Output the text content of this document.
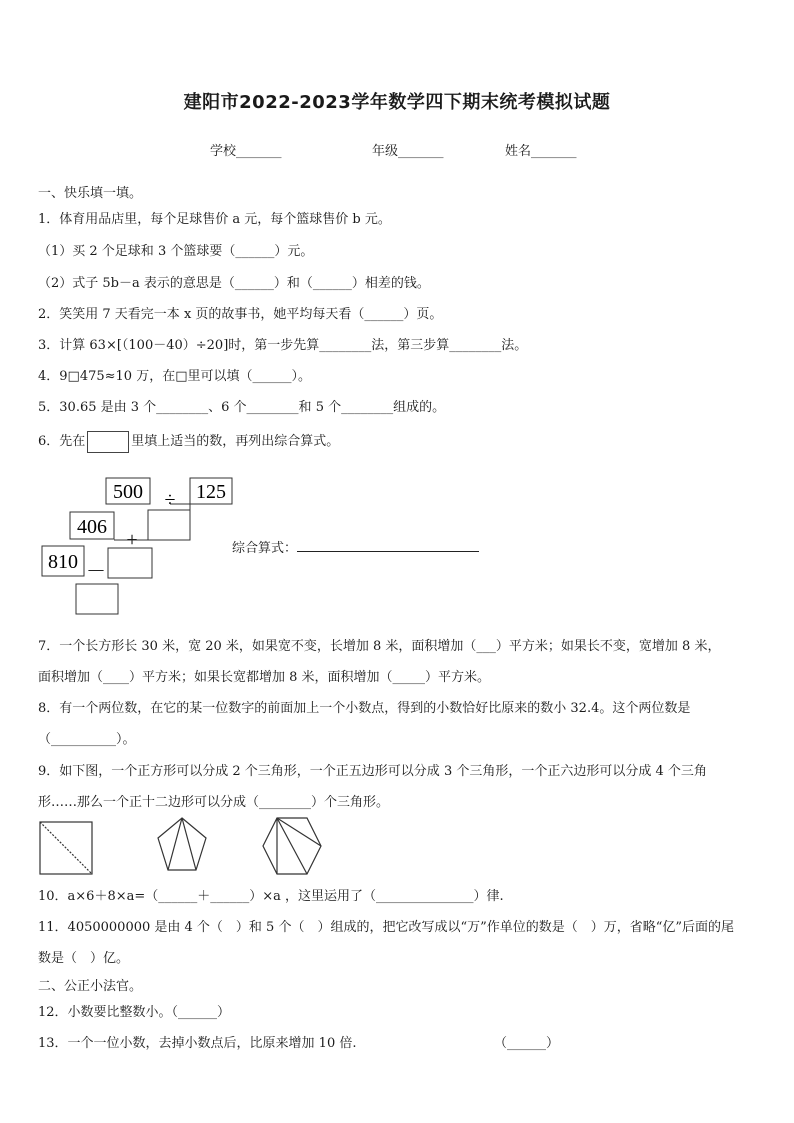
建阳市2022-2023学年数学四下期末统考模拟试题
学校_______	年级_______	姓名_______
一、快乐填一填。
1．体育用品店里，每个足球售价 a 元，每个篮球售价 b 元。
（1）买 2 个足球和 3 个篮球要（______）元。
（2）式子 5b－a 表示的意思是（______）和（______）相差的钱。
2．笑笑用 7 天看完一本 x 页的故事书，她平均每天看（______）页。
3．计算 63×[（100－40）÷20]时，第一步先算________法，第三步算________法。
4．9□475≈10 万，在□里可以填（______）。
5．30.65 是由 3 个________、6 个________和 5 个________组成的。
6．先在	里填上适当的数，再列出综合算式。
500 ÷ 125
406
+
810 －
综合算式：
7．一个长方形长 30 米，宽 20 米，如果宽不变，长增加 8 米，面积增加（___）平方米；如果长不变，宽增加 8 米，
面积增加（____）平方米；如果长宽都增加 8 米，面积增加（_____）平方米。
8．有一个两位数，在它的某一位数字的前面加上一个小数点，得到的小数恰好比原来的数小 32.4。这个两位数是
（__________）。
9．如下图，一个正方形可以分成 2 个三角形，一个正五边形可以分成 3 个三角形，一个正六边形可以分成 4 个三角
形……那么一个正十二边形可以分成（________）个三角形。
10．a×6＋8×a=（______＋______）×a ，这里运用了（_______________）律.
11．4050000000 是由 4 个（　）和 5 个（　）组成的，把它改写成以“万”作单位的数是（　）万，省略“亿”后面的尾
数是（　）亿。
二、公正小法官。
12．小数要比整数小。（______）
13．一个一位小数，去掉小数点后，比原来增加 10 倍.	（______）
